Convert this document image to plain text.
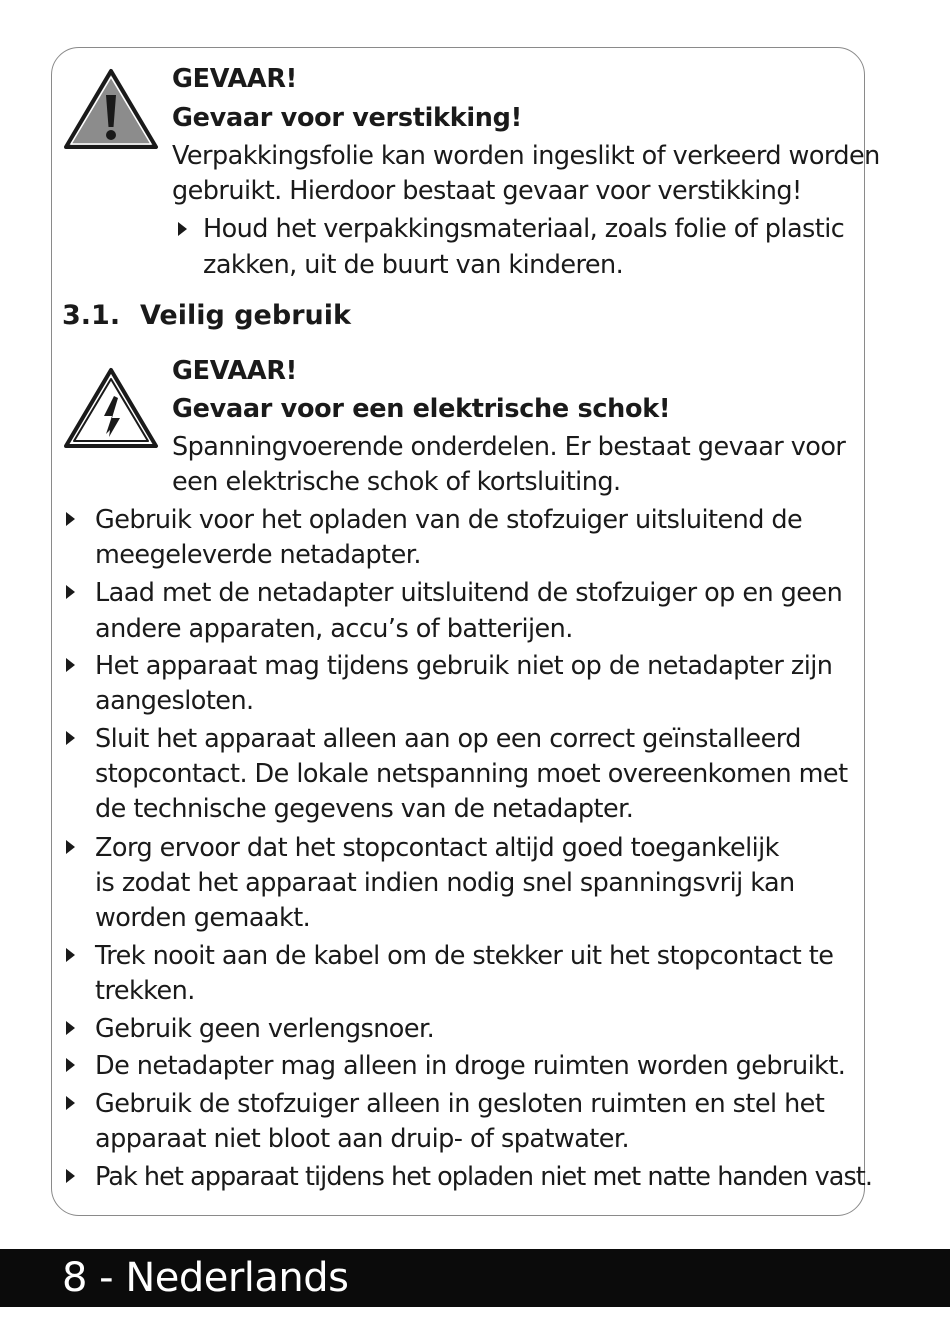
GEVAAR!
Gevaar voor verstikking!
Verpakkingsfolie kan worden ingeslikt of verkeerd worden
gebruikt. Hierdoor bestaat gevaar voor verstikking!
Houd het verpakkingsmateriaal, zoals folie of plastic
zakken, uit de buurt van kinderen.
3.1. Veilig gebruik
GEVAAR!
Gevaar voor een elektrische schok!
Spanningvoerende onderdelen. Er bestaat gevaar voor
een elektrische schok of kortsluiting.
Gebruik voor het opladen van de stofzuiger uitsluitend de
meegeleverde netadapter.
Laad met de netadapter uitsluitend de stofzuiger op en geen
andere apparaten, accu’s of batterijen.
Het apparaat mag tijdens gebruik niet op de netadapter zijn
aangesloten.
Sluit het apparaat alleen aan op een correct geïnstalleerd
stopcontact. De lokale netspanning moet overeenkomen met
de technische gegevens van de netadapter.
Zorg ervoor dat het stopcontact altijd goed toegankelijk
is zodat het apparaat indien nodig snel spanningsvrij kan
worden gemaakt.
Trek nooit aan de kabel om de stekker uit het stopcontact te
trekken.
Gebruik geen verlengsnoer.
De netadapter mag alleen in droge ruimten worden gebruikt.
Gebruik de stofzuiger alleen in gesloten ruimten en stel het
apparaat niet bloot aan druip- of spatwater.
Pak het apparaat tijdens het opladen niet met natte handen vast.
8 - Nederlands
